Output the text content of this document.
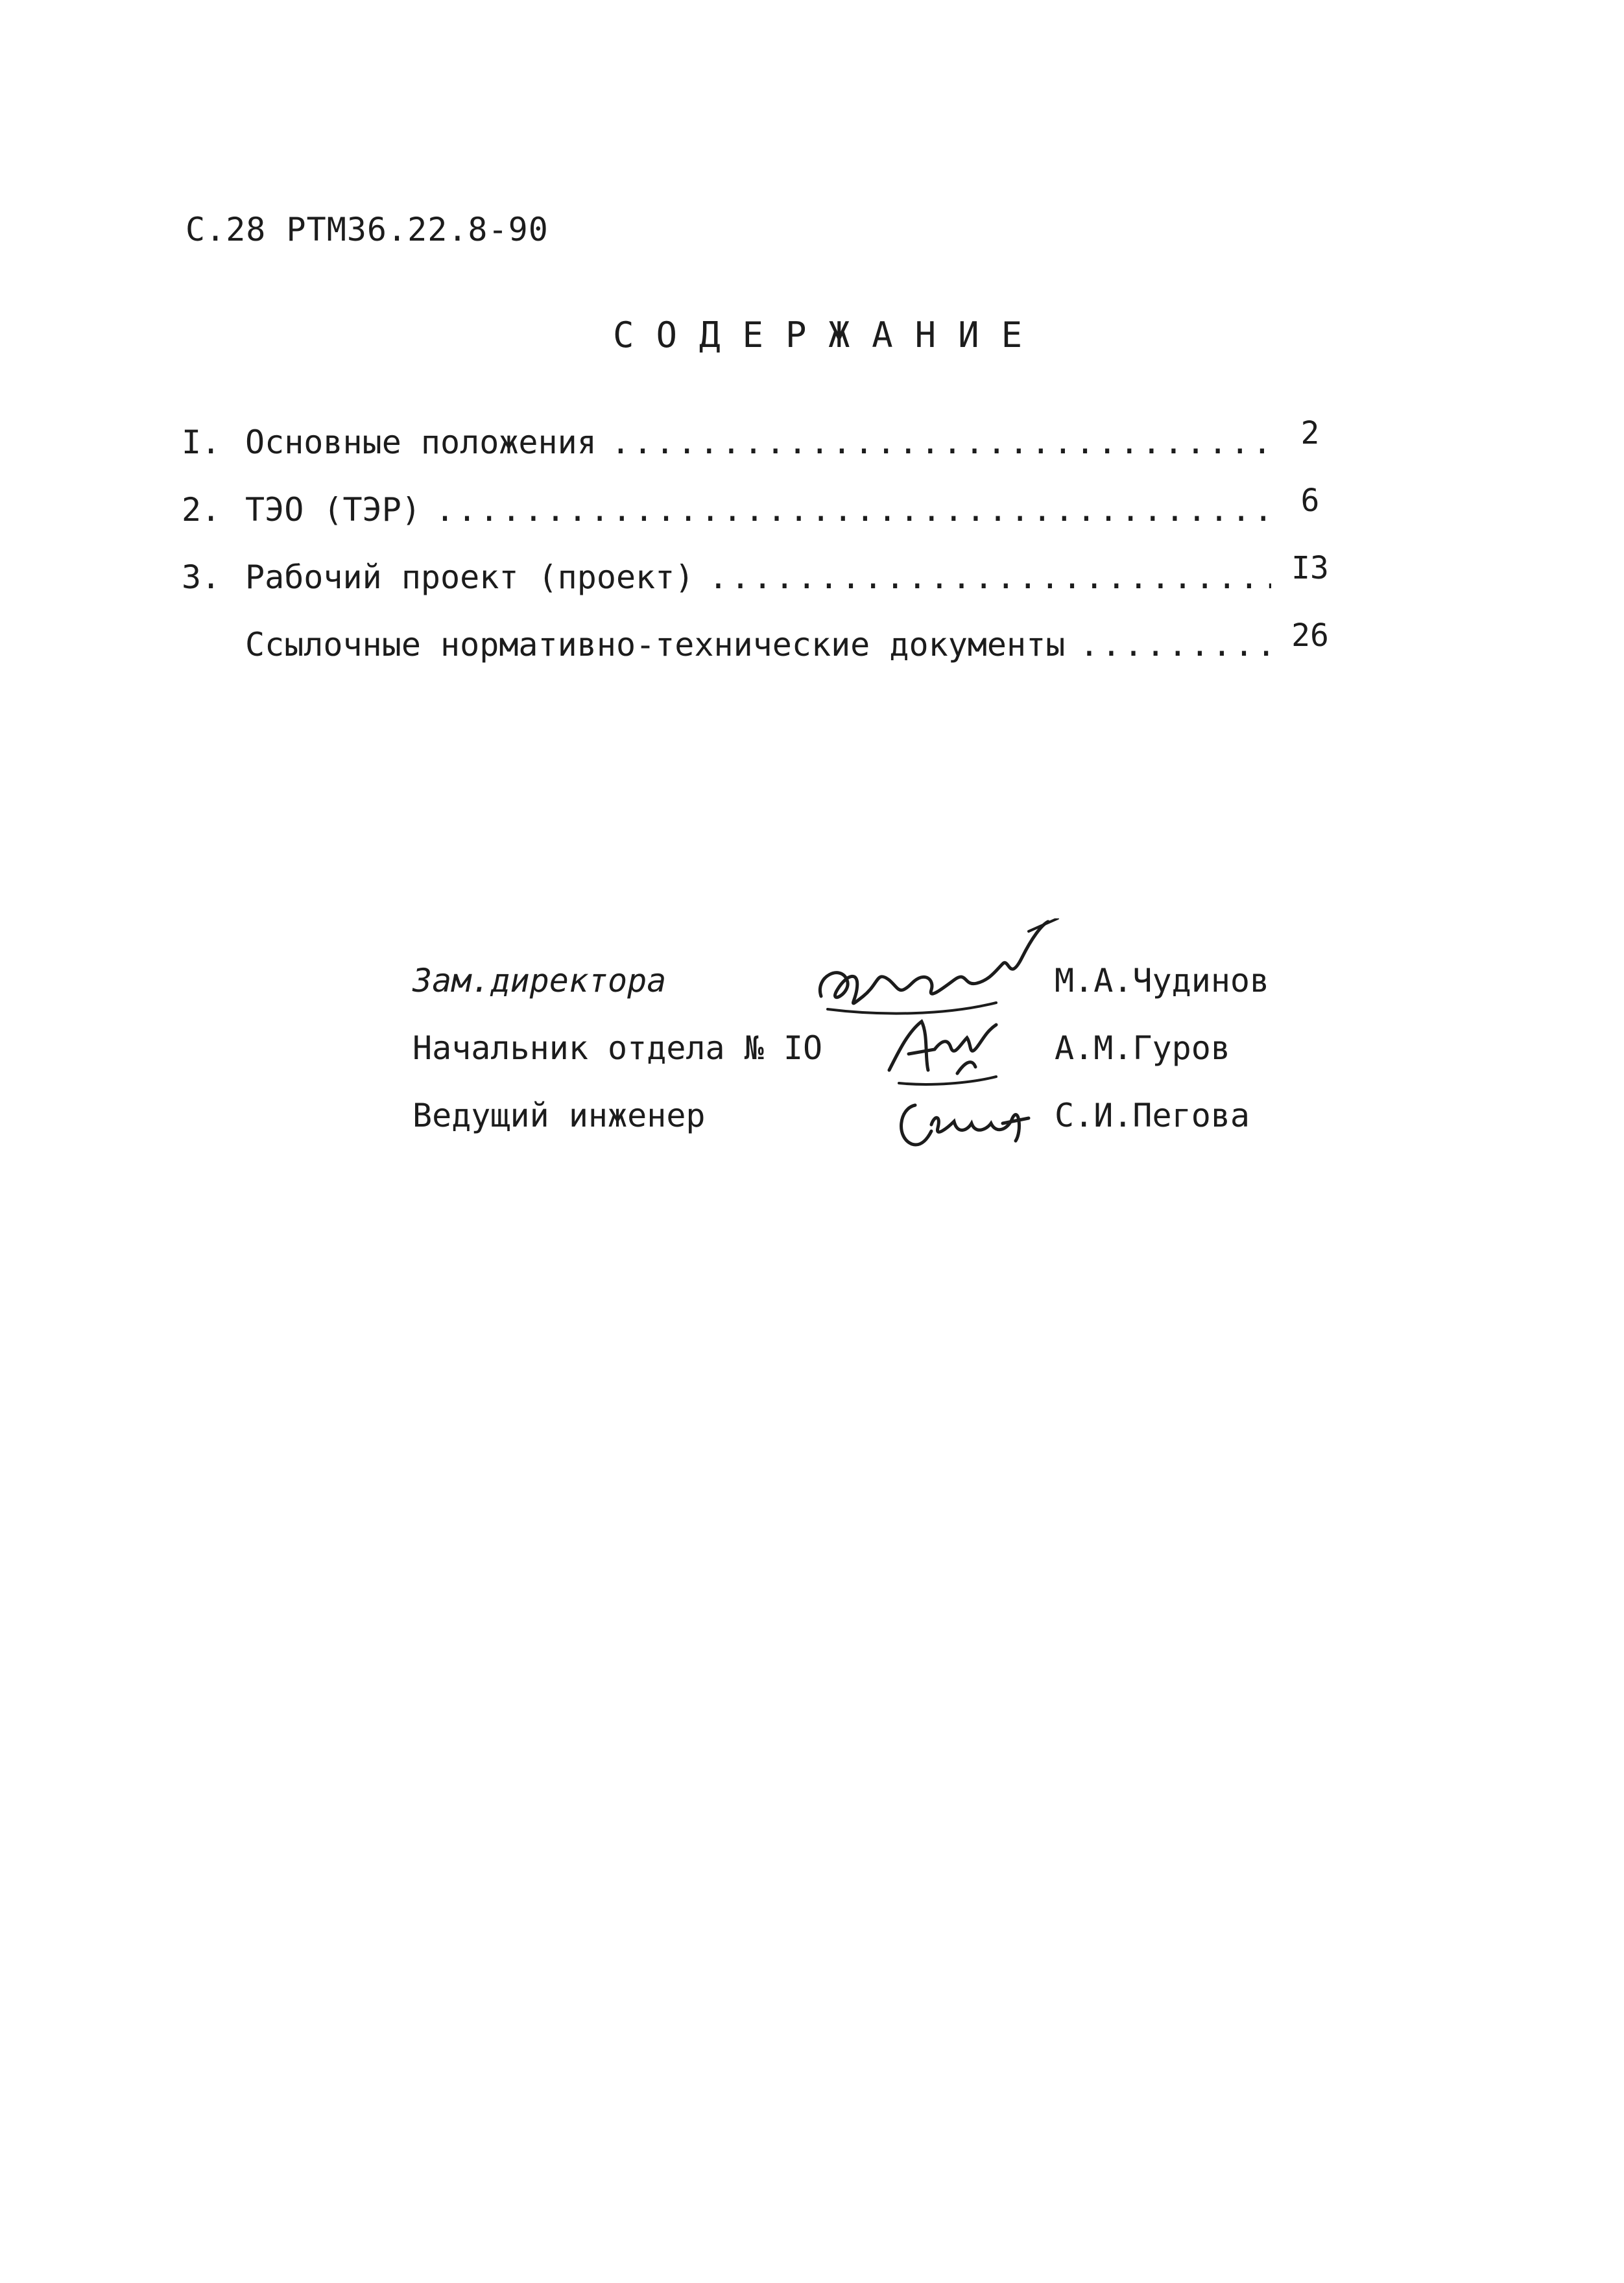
С.28 РТМ36.22.8-90
СОДЕРЖАНИЕ
I. Основные положения .....	2
2. ТЭО (ТЭР) .....	6
3. Рабочий проект (проект) .....	I3
Ссылочные нормативно-технические документы .....	26
Зам.директора	М.А.Чудинов
Начальник отдела № IO	А.М.Гуров
Ведущий инженер	С.И.Пегова
